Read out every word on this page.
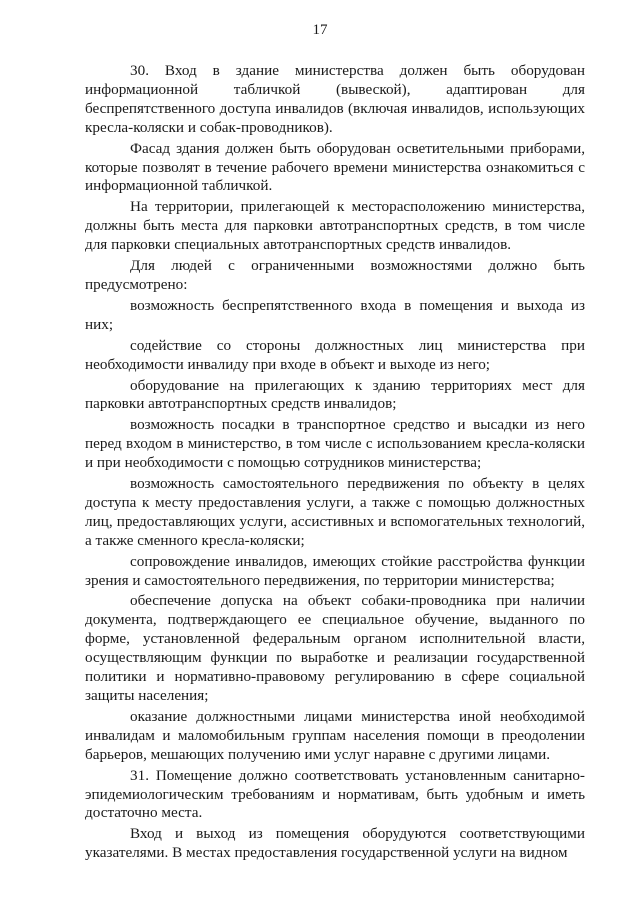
17

30. Вход в здание министерства должен быть оборудован информационной табличкой (вывеской), адаптирован для беспрепятственного доступа инвалидов (включая инвалидов, использующих кресла-коляски и собак-проводников).

Фасад здания должен быть оборудован осветительными приборами, которые позволят в течение рабочего времени министерства ознакомиться с информационной табличкой.

На территории, прилегающей к месторасположению министерства, должны быть места для парковки автотранспортных средств, в том числе для парковки специальных автотранспортных средств инвалидов.

Для людей с ограниченными возможностями должно быть предусмотрено:

возможность беспрепятственного входа в помещения и выхода из них;

содействие со стороны должностных лиц министерства при необходимости инвалиду при входе в объект и выходе из него;

оборудование на прилегающих к зданию территориях мест для парковки автотранспортных средств инвалидов;

возможность посадки в транспортное средство и высадки из него перед входом в министерство, в том числе с использованием кресла-коляски и при необходимости с помощью сотрудников министерства;

возможность самостоятельного передвижения по объекту в целях доступа к месту предоставления услуги, а также с помощью должностных лиц, предоставляющих услуги, ассистивных и вспомогательных технологий, а также сменного кресла-коляски;

сопровождение инвалидов, имеющих стойкие расстройства функции зрения и самостоятельного передвижения, по территории министерства;

обеспечение допуска на объект собаки-проводника при наличии документа, подтверждающего ее специальное обучение, выданного по форме, установленной федеральным органом исполнительной власти, осуществляющим функции по выработке и реализации государственной политики и нормативно-правовому регулированию в сфере социальной защиты населения;

оказание должностными лицами министерства иной необходимой инвалидам и маломобильным группам населения помощи в преодолении барьеров, мешающих получению ими услуг наравне с другими лицами.

31. Помещение должно соответствовать установленным санитарно-эпидемиологическим требованиям и нормативам, быть удобным и иметь достаточно места.

Вход и выход из помещения оборудуются соответствующими указателями. В местах предоставления государственной услуги на видном
